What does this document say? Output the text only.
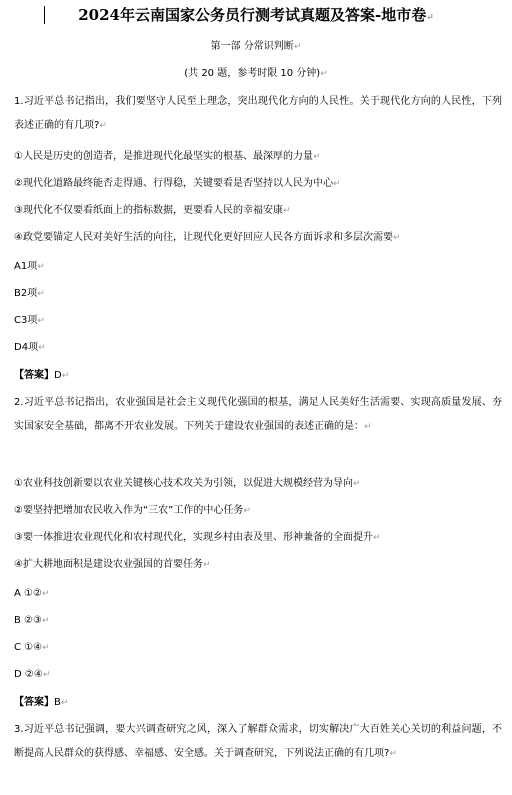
2024年云南国家公务员行测考试真题及答案-地市卷↵
第一部 分常识判断↵
(共 20 题，参考时限 10 分钟)↵
1.习近平总书记指出，我们要坚守人民至上理念，突出现代化方向的人民性。关于现代化方向的人民性，下列表述正确的有几项?↵
①人民是历史的创造者，是推进现代化最坚实的根基、最深厚的力量↵
②现代化道路最终能否走得通、行得稳，关键要看是否坚持以人民为中心↵
③现代化不仅要看纸面上的指标数据，更要看人民的幸福安康↵
④政党要锚定人民对美好生活的向往，让现代化更好回应人民各方面诉求和多层次需要↵
A1项↵
B2项↵
C3项↵
D4项↵
【答案】D↵
2.习近平总书记指出，农业强国是社会主义现代化强国的根基，满足人民美好生活需要、实现高质量发展、夯实国家安全基础，都离不开农业发展。下列关于建设农业强国的表述正确的是：↵
①农业科技创新要以农业关键核心技术攻关为引领，以促进大规模经营为导向↵
②要坚持把增加农民收入作为“三农”工作的中心任务↵
③要一体推进农业现代化和农村现代化，实现乡村由表及里、形神兼备的全面提升↵
④扩大耕地面积是建设农业强国的首要任务↵
A ①②↵
B ②③↵
C ①④↵
D ②④↵
【答案】B↵
3.习近平总书记强调，要大兴调查研究之风，深入了解群众需求，切实解决广大百姓关心关切的利益问题，不断提高人民群众的获得感、幸福感、安全感。关于调查研究，下列说法正确的有几项?↵
